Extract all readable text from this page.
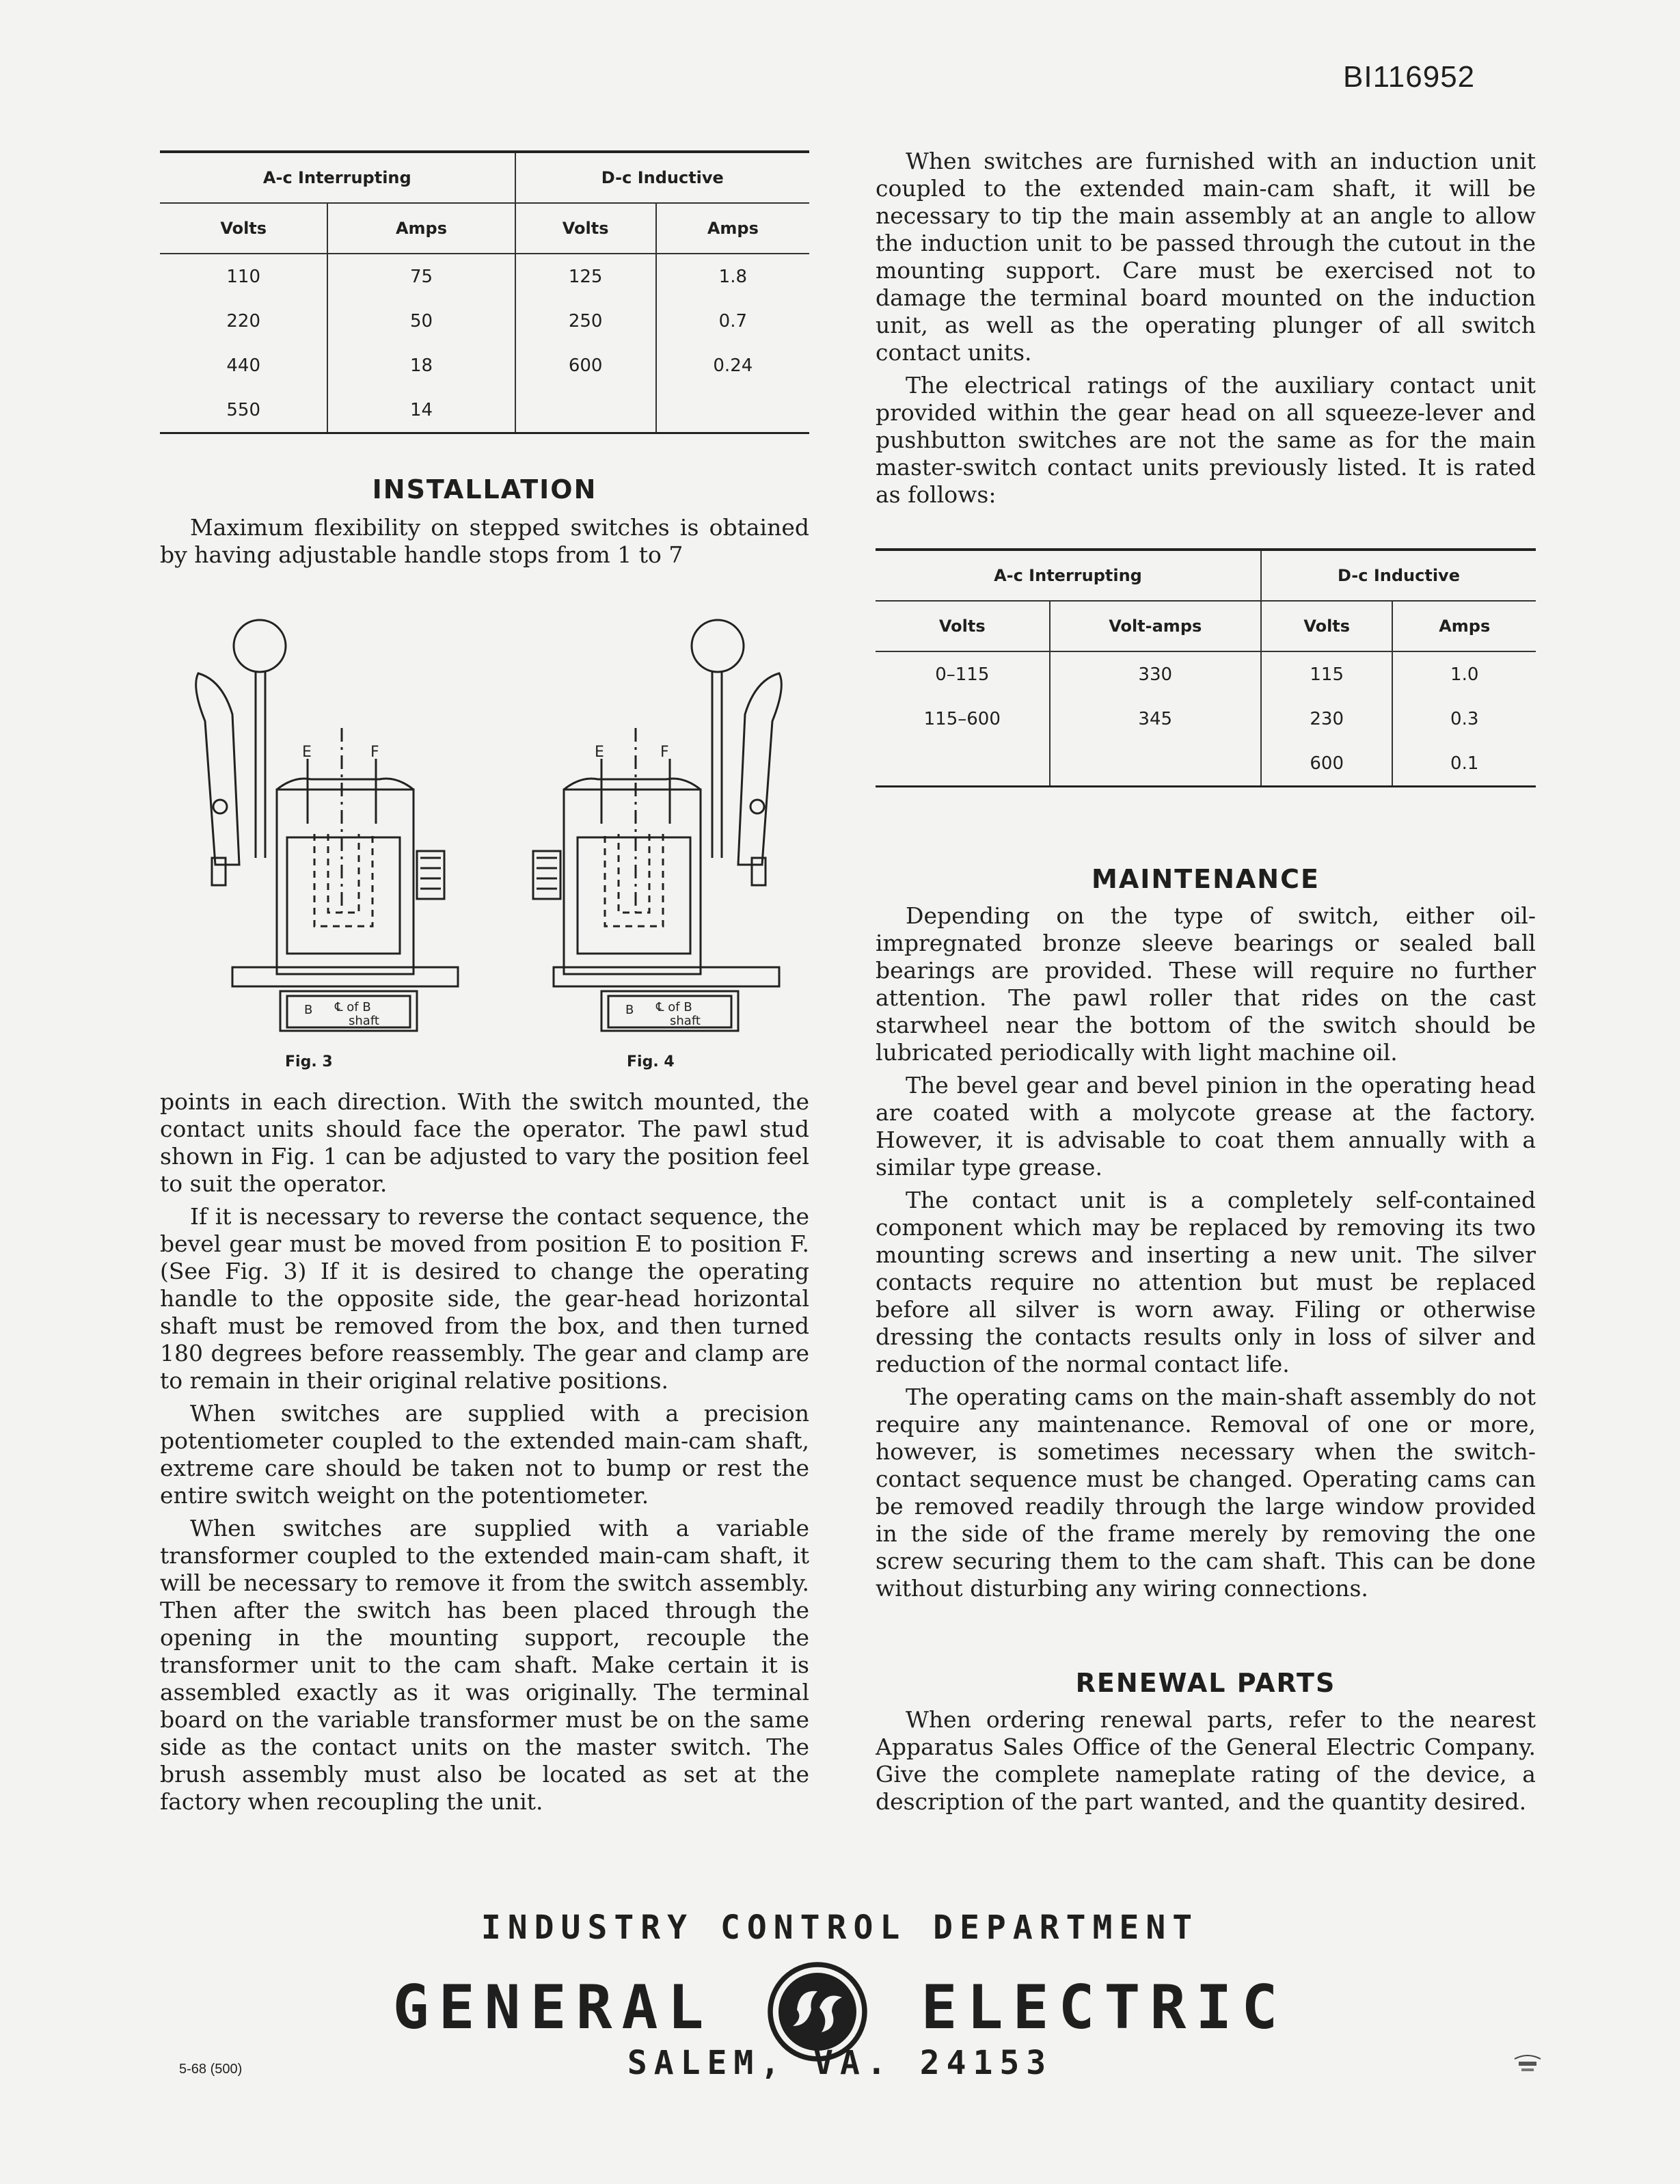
BI116952
A-c Interrupting		D-c Inductive	
Volts	Amps	Volts	Amps
110	75	125	1.8
220	50	250	0.7
440	18	600	0.24
550	14		
INSTALLATION

Maximum flexibility on stepped switches is obtained by having adjustable handle stops from 1 to 7

E	F
B ℄ of B
shaft
Fig. 3
E	F
B ℄ of B
shaft
Fig. 4

points in each direction. With the switch mounted, the contact units should face the operator. The pawl stud shown in Fig. 1 can be adjusted to vary the position feel to suit the operator.

If it is necessary to reverse the contact sequence, the bevel gear must be moved from position E to position F. (See Fig. 3) If it is desired to change the operating handle to the opposite side, the gear-head horizontal shaft must be removed from the box, and then turned 180 degrees before reassembly. The gear and clamp are to remain in their original relative positions.

When switches are supplied with a precision potentiometer coupled to the extended main-cam shaft, extreme care should be taken not to bump or rest the entire switch weight on the potentiometer.

When switches are supplied with a variable transformer coupled to the extended main-cam shaft, it will be necessary to remove it from the switch assembly. Then after the switch has been placed through the opening in the mounting support, recouple the transformer unit to the cam shaft. Make certain it is assembled exactly as it was originally. The terminal board on the variable transformer must be on the same side as the contact units on the master switch. The brush assembly must also be located as set at the factory when recoupling the unit.

When switches are furnished with an induction unit coupled to the extended main-cam shaft, it will be necessary to tip the main assembly at an angle to allow the induction unit to be passed through the cutout in the mounting support. Care must be exercised not to damage the terminal board mounted on the induction unit, as well as the operating plunger of all switch contact units.

The electrical ratings of the auxiliary contact unit provided within the gear head on all squeeze-lever and pushbutton switches are not the same as for the main master-switch contact units previously listed. It is rated as follows:

A-c Interrupting		D-c Inductive	
Volts	Volt-amps	Volts	Amps
0–115	330	115	1.0
115–600	345	230	0.3
		600	0.1
MAINTENANCE

Depending on the type of switch, either oil-impregnated bronze sleeve bearings or sealed ball bearings are provided. These will require no further attention. The pawl roller that rides on the cast starwheel near the bottom of the switch should be lubricated periodically with light machine oil.

The bevel gear and bevel pinion in the operating head are coated with a molycote grease at the factory. However, it is advisable to coat them annually with a similar type grease.

The contact unit is a completely self-contained component which may be replaced by removing its two mounting screws and inserting a new unit. The silver contacts require no attention but must be replaced before all silver is worn away. Filing or otherwise dressing the contacts results only in loss of silver and reduction of the normal contact life.

The operating cams on the main-shaft assembly do not require any maintenance. Removal of one or more, however, is sometimes necessary when the switch-contact sequence must be changed. Operating cams can be removed readily through the large window provided in the side of the frame merely by removing the one screw securing them to the cam shaft. This can be done without disturbing any wiring connections.

RENEWAL PARTS

When ordering renewal parts, refer to the nearest Apparatus Sales Office of the General Electric Company. Give the complete nameplate rating of the device, a description of the part wanted, and the quantity desired.

INDUSTRY CONTROL DEPARTMENT
GENERAL	ELECTRIC
SALEM, VA. 24153
5-68 (500)
